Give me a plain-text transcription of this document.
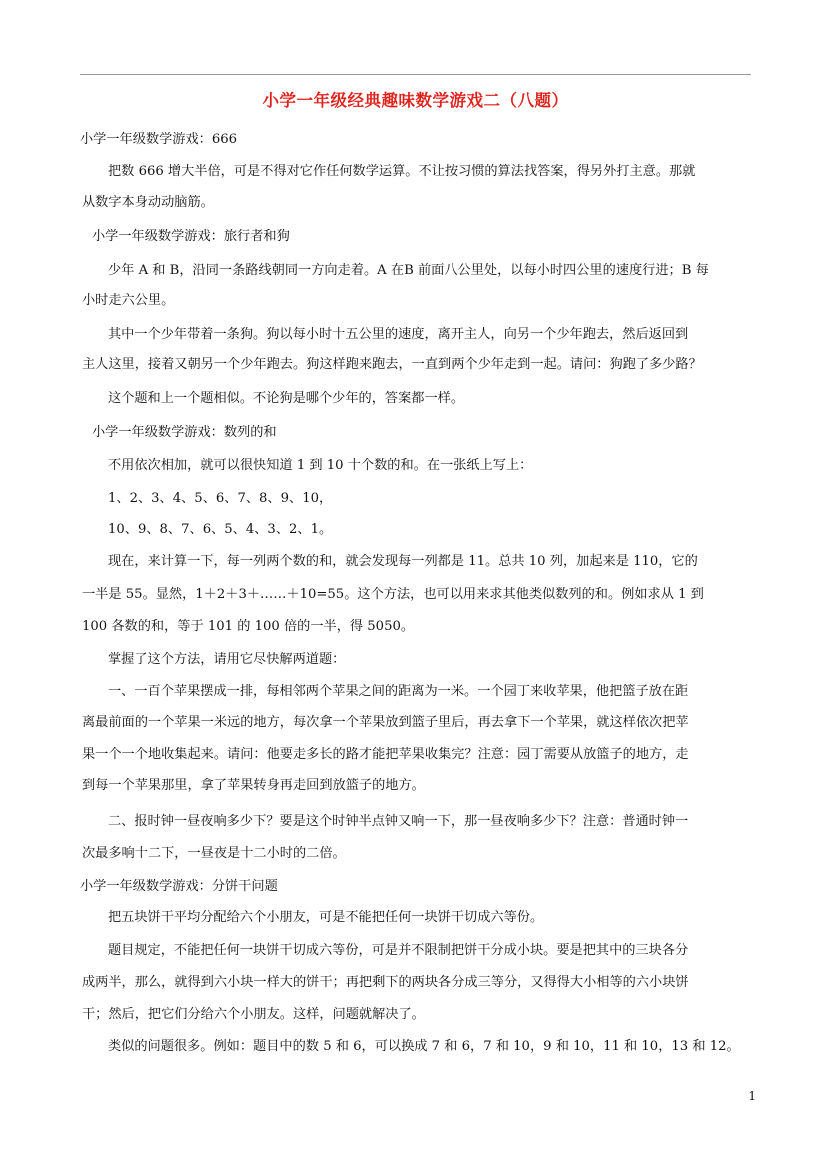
小学一年级经典趣味数学游戏二（八题）
小学一年级数学游戏：666
把数 666 增大半倍，可是不得对它作任何数学运算。不让按习惯的算法找答案，得另外打主意。那就
从数字本身动动脑筋。
小学一年级数学游戏：旅行者和狗
少年 A 和 B，沿同一条路线朝同一方向走着。A 在B 前面八公里处，以每小时四公里的速度行进；B 每
小时走六公里。
其中一个少年带着一条狗。狗以每小时十五公里的速度，离开主人，向另一个少年跑去，然后返回到
主人这里，接着又朝另一个少年跑去。狗这样跑来跑去，一直到两个少年走到一起。请问：狗跑了多少路？
这个题和上一个题相似。不论狗是哪个少年的，答案都一样。
小学一年级数学游戏：数列的和
不用依次相加，就可以很快知道 1 到 10 十个数的和。在一张纸上写上：
1、2、3、4、5、6、7、8、9、10，
10、9、8、7、6、5、4、3、2、1。
现在，来计算一下，每一列两个数的和，就会发现每一列都是 11。总共 10 列，加起来是 110，它的
一半是 55。显然，1＋2＋3＋……＋10=55。这个方法，也可以用来求其他类似数列的和。例如求从 1 到
100 各数的和，等于 101 的 100 倍的一半，得 5050。
掌握了这个方法，请用它尽快解两道题：
一、一百个苹果摆成一排，每相邻两个苹果之间的距离为一米。一个园丁来收苹果，他把篮子放在距
离最前面的一个苹果一米远的地方，每次拿一个苹果放到篮子里后，再去拿下一个苹果，就这样依次把苹
果一个一个地收集起来。请问：他要走多长的路才能把苹果收集完？注意：园丁需要从放篮子的地方，走
到每一个苹果那里，拿了苹果转身再走回到放篮子的地方。
二、报时钟一昼夜响多少下？要是这个时钟半点钟又响一下，那一昼夜响多少下？注意：普通时钟一
次最多响十二下，一昼夜是十二小时的二倍。
小学一年级数学游戏：分饼干问题
把五块饼干平均分配给六个小朋友，可是不能把任何一块饼干切成六等份。
题目规定，不能把任何一块饼干切成六等份，可是并不限制把饼干分成小块。要是把其中的三块各分
成两半，那么，就得到六小块一样大的饼干；再把剩下的两块各分成三等分，又得得大小相等的六小块饼
干；然后，把它们分给六个小朋友。这样，问题就解决了。
类似的问题很多。例如：题目中的数 5 和 6，可以换成 7 和 6，7 和 10，9 和 10，11 和 10，13 和 12。
1
